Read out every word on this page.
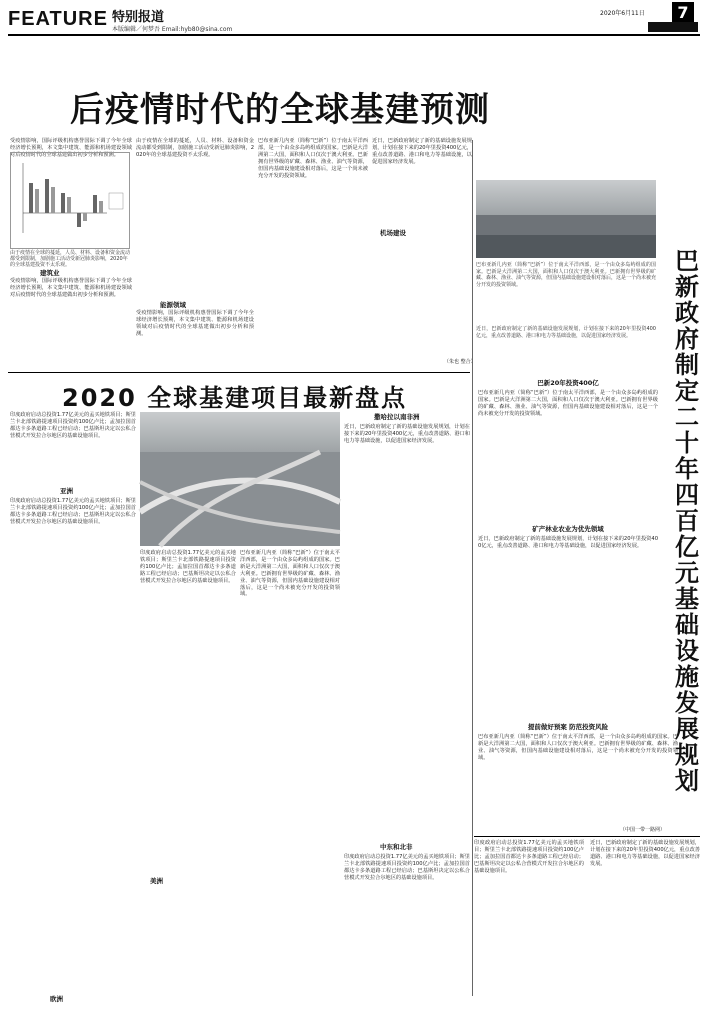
FEATURE 特别报道
本版编辑／何梦吾 Email:hyb80@sina.com
2020年6月11日	7
后疫情时代的全球基建预测
巴布亚新几内亚（简称“巴新”）位于南太平洋西部，是一个由众多岛屿组成的国家。巴新是大洋洲第二大国，面积和人口仅次于澳大利亚。巴新拥有世界级的矿藏、森林、渔业、油气等资源，但国内基础设施建设相对落后，这是一个尚未被充分开发的投资领域。
近日，巴新政府制定了新的基础设施发展规划，计划在接下来的20年里投资400亿元，重点改善道路、港口和电力等基础设施，以促进国家经济发展。
巴新政府制定二十年四百亿元基础设施发展规划
受疫情影响，国际评级机构惠誉国际下调了今年全球经济增长预期，本文集中建筑、能源和机场建设领域对后疫情时代的全球基建做出初步分析和预测。
由于疫情在全球的蔓延，人员、材料、设备和资金流动都受到限制，加剧施工活动受新冠肺炎影响，2020年的全球基建投资不太乐观。
建筑业
受疫情影响，国际评级机构惠誉国际下调了今年全球经济增长预期，本文集中建筑、能源和机场建设领域对后疫情时代的全球基建做出初步分析和预测。
由于疫情在全球的蔓延，人员、材料、设备和资金流动都受到限制，加剧施工活动受新冠肺炎影响，2020年的全球基建投资不太乐观。
能源领域
受疫情影响，国际评级机构惠誉国际下调了今年全球经济增长预期，本文集中建筑、能源和机场建设领域对后疫情时代的全球基建做出初步分析和预测。
巴布亚新几内亚（简称“巴新”）位于南太平洋西部，是一个由众多岛屿组成的国家。巴新是大洋洲第二大国，面积和人口仅次于澳大利亚。巴新拥有世界级的矿藏、森林、渔业、油气等资源，但国内基础设施建设相对落后，这是一个尚未被充分开发的投资领域。
机场建设
近日，巴新政府制定了新的基础设施发展规划，计划在接下来的20年里投资400亿元，重点改善道路、港口和电力等基础设施，以促进国家经济发展。
（朱也 整合）
2020 全球基建项目最新盘点
印度政府启动总投资1.77亿美元的孟买地铁项目；斯里兰卡北部铁路提速项目投资约100亿卢比；孟加拉国首都达卡多条道路工程已经启动；巴基斯坦决定以公私合营模式开发拉合尔地区的基础设施项目。
亚洲
印度政府启动总投资1.77亿美元的孟买地铁项目；斯里兰卡北部铁路提速项目投资约100亿卢比；孟加拉国首都达卡多条道路工程已经启动；巴基斯坦决定以公私合营模式开发拉合尔地区的基础设施项目。
欧洲
印度政府启动总投资1.77亿美元的孟买地铁项目；斯里兰卡北部铁路提速项目投资约100亿卢比；孟加拉国首都达卡多条道路工程已经启动；巴基斯坦决定以公私合营模式开发拉合尔地区的基础设施项目。
巴布亚新几内亚（简称“巴新”）位于南太平洋西部，是一个由众多岛屿组成的国家。巴新是大洋洲第二大国，面积和人口仅次于澳大利亚。巴新拥有世界级的矿藏、森林、渔业、油气等资源，但国内基础设施建设相对落后，这是一个尚未被充分开发的投资领域。
美洲
撒哈拉以南非洲
近日，巴新政府制定了新的基础设施发展规划，计划在接下来的20年里投资400亿元，重点改善道路、港口和电力等基础设施，以促进国家经济发展。
中东和北非
印度政府启动总投资1.77亿美元的孟买地铁项目；斯里兰卡北部铁路提速项目投资约100亿卢比；孟加拉国首都达卡多条道路工程已经启动；巴基斯坦决定以公私合营模式开发拉合尔地区的基础设施项目。
巴新20年投资400亿
巴布亚新几内亚（简称“巴新”）位于南太平洋西部，是一个由众多岛屿组成的国家。巴新是大洋洲第二大国，面积和人口仅次于澳大利亚。巴新拥有世界级的矿藏、森林、渔业、油气等资源，但国内基础设施建设相对落后，这是一个尚未被充分开发的投资领域。
矿产林业农业为优先领域
近日，巴新政府制定了新的基础设施发展规划，计划在接下来的20年里投资400亿元，重点改善道路、港口和电力等基础设施，以促进国家经济发展。
提前做好预案 防范投资风险
巴布亚新几内亚（简称“巴新”）位于南太平洋西部，是一个由众多岛屿组成的国家。巴新是大洋洲第二大国，面积和人口仅次于澳大利亚。巴新拥有世界级的矿藏、森林、渔业、油气等资源，但国内基础设施建设相对落后，这是一个尚未被充分开发的投资领域。
（中国一带一路网）
印度政府启动总投资1.77亿美元的孟买地铁项目；斯里兰卡北部铁路提速项目投资约100亿卢比；孟加拉国首都达卡多条道路工程已经启动；巴基斯坦决定以公私合营模式开发拉合尔地区的基础设施项目。
近日，巴新政府制定了新的基础设施发展规划，计划在接下来的20年里投资400亿元，重点改善道路、港口和电力等基础设施，以促进国家经济发展。
